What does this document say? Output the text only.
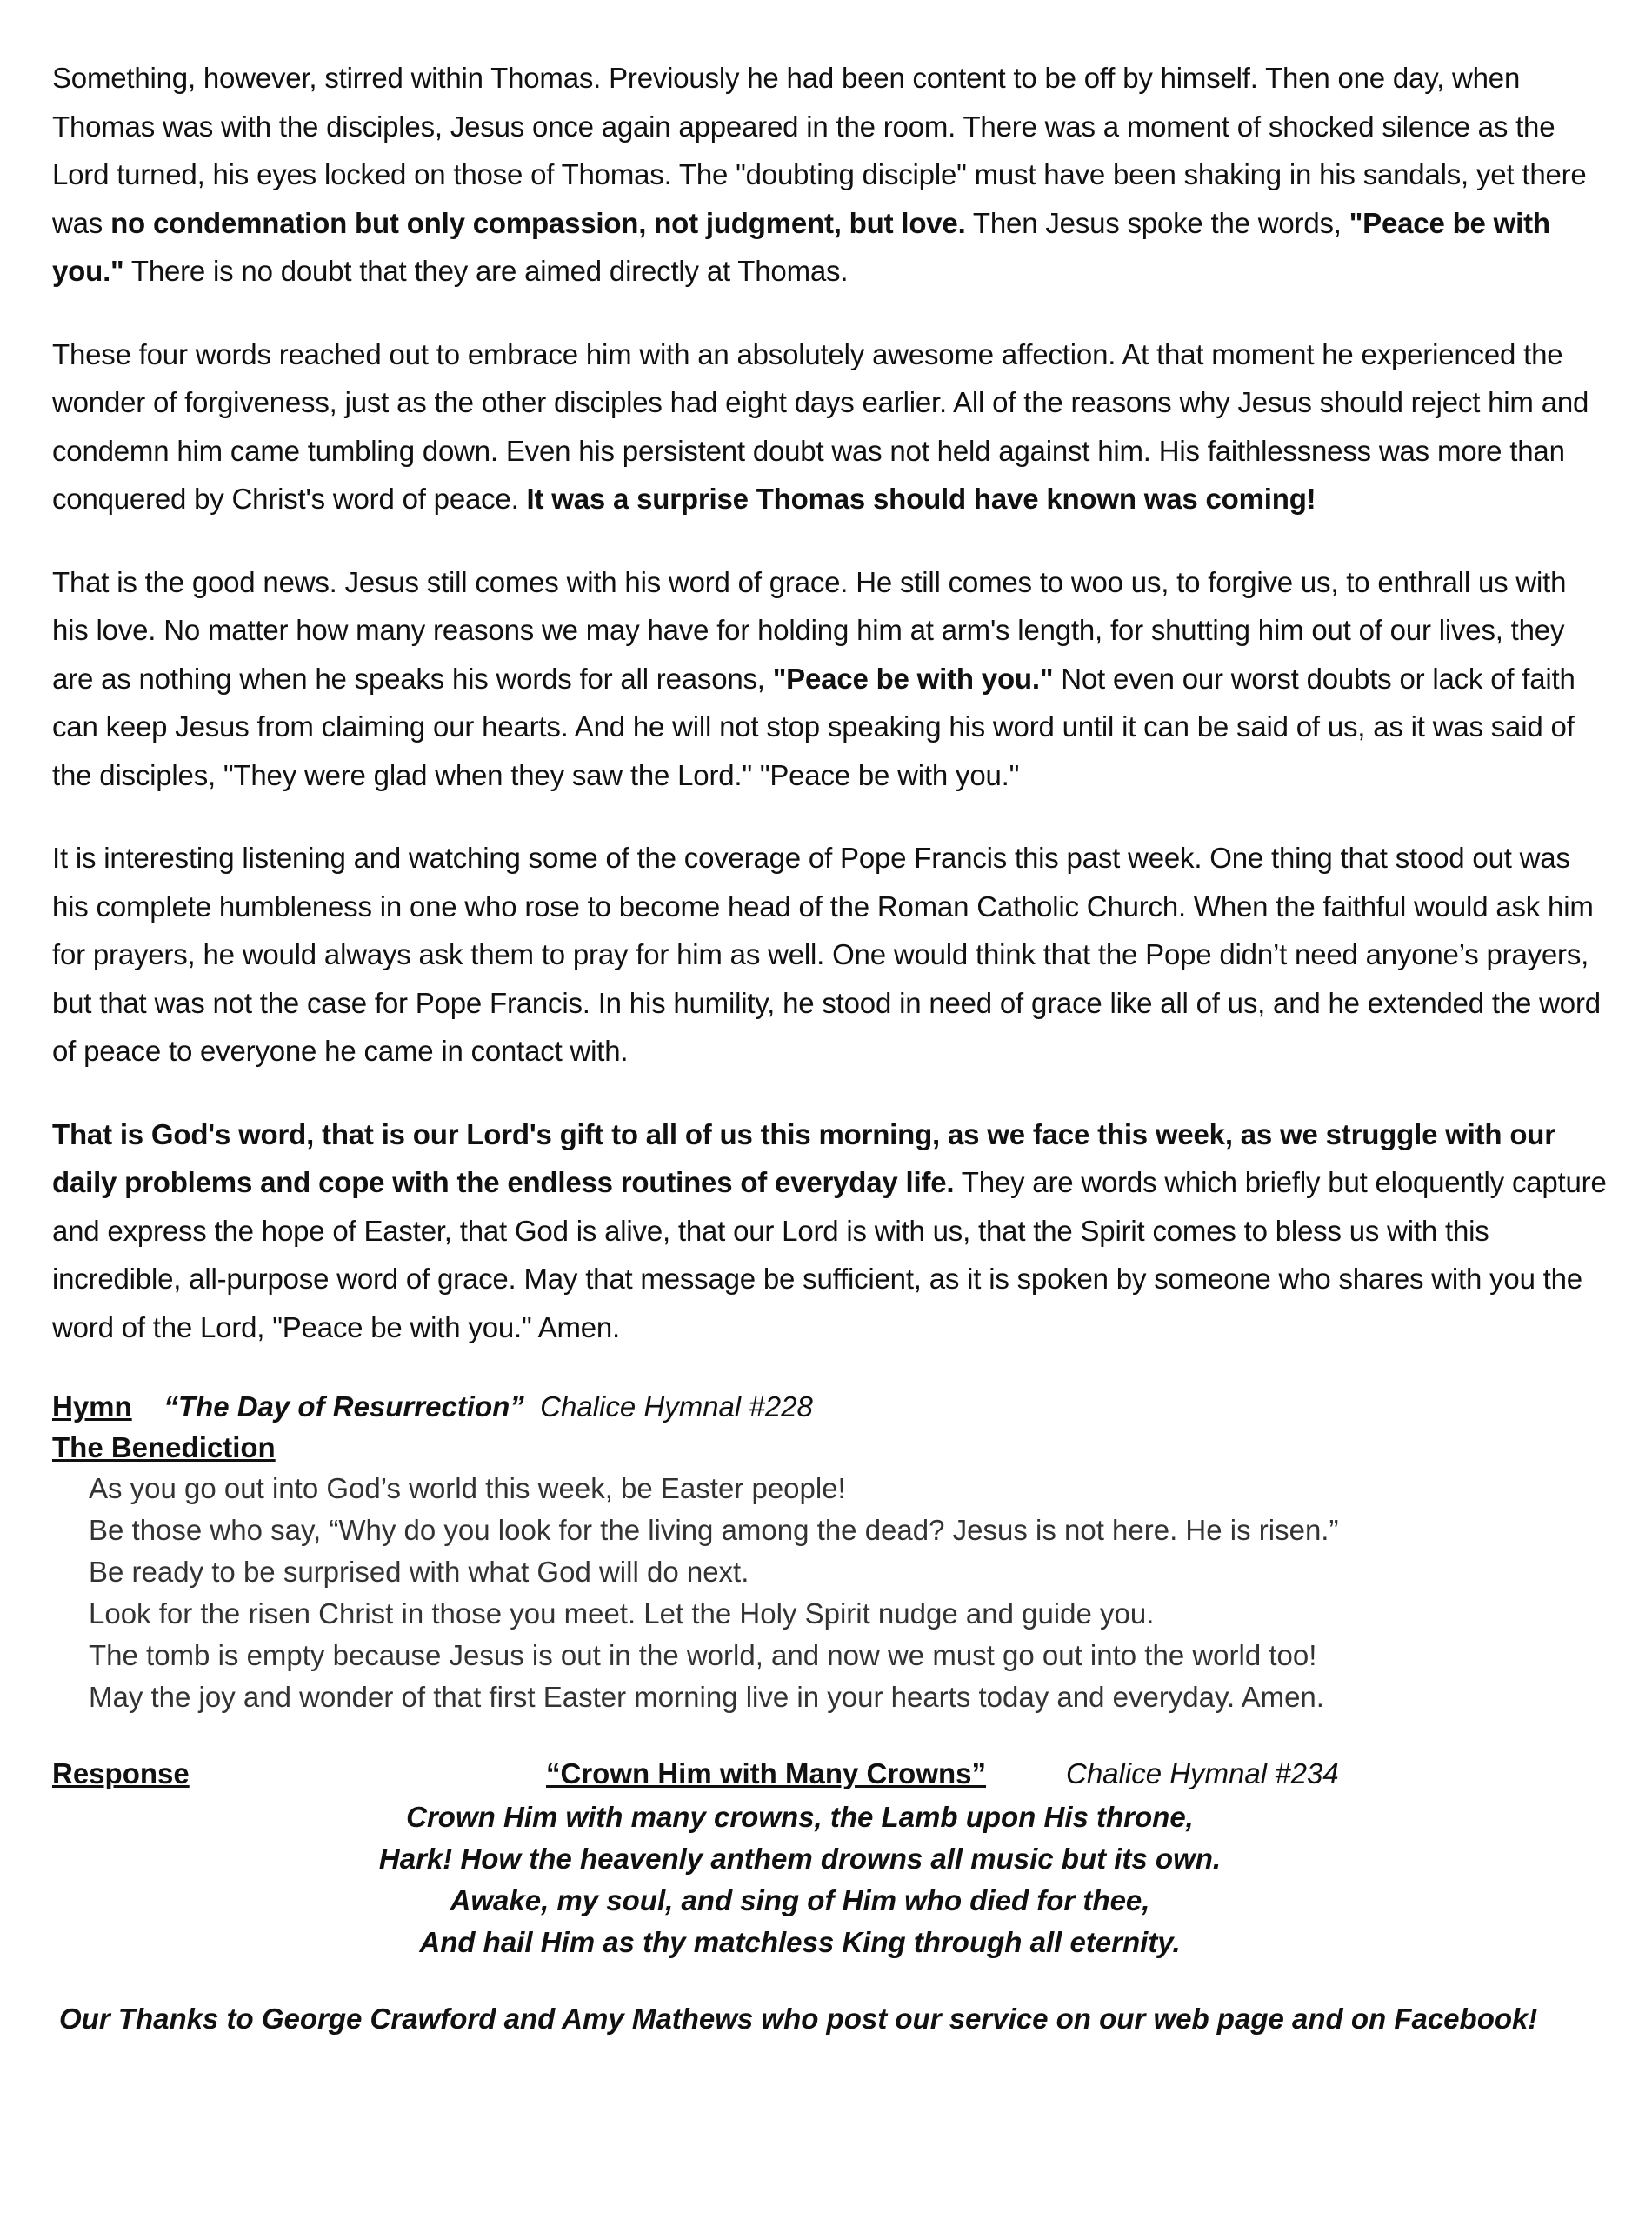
Something, however, stirred within Thomas. Previously he had been content to be off by himself. Then one day, when Thomas was with the disciples, Jesus once again appeared in the room. There was a moment of shocked silence as the Lord turned, his eyes locked on those of Thomas. The "doubting disciple" must have been shaking in his sandals, yet there was no condemnation but only compassion, not judgment, but love. Then Jesus spoke the words, "Peace be with you." There is no doubt that they are aimed directly at Thomas.

These four words reached out to embrace him with an absolutely awesome affection. At that moment he experienced the wonder of forgiveness, just as the other disciples had eight days earlier. All of the reasons why Jesus should reject him and condemn him came tumbling down. Even his persistent doubt was not held against him. His faithlessness was more than conquered by Christ's word of peace. It was a surprise Thomas should have known was coming!

That is the good news. Jesus still comes with his word of grace. He still comes to woo us, to forgive us, to enthrall us with his love. No matter how many reasons we may have for holding him at arm's length, for shutting him out of our lives, they are as nothing when he speaks his words for all reasons, "Peace be with you." Not even our worst doubts or lack of faith can keep Jesus from claiming our hearts. And he will not stop speaking his word until it can be said of us, as it was said of the disciples, "They were glad when they saw the Lord." "Peace be with you."

It is interesting listening and watching some of the coverage of Pope Francis this past week. One thing that stood out was his complete humbleness in one who rose to become head of the Roman Catholic Church. When the faithful would ask him for prayers, he would always ask them to pray for him as well. One would think that the Pope didn’t need anyone’s prayers, but that was not the case for Pope Francis. In his humility, he stood in need of grace like all of us, and he extended the word of peace to everyone he came in contact with.

That is God's word, that is our Lord's gift to all of us this morning, as we face this week, as we struggle with our daily problems and cope with the endless routines of everyday life. They are words which briefly but eloquently capture and express the hope of Easter, that God is alive, that our Lord is with us, that the Spirit comes to bless us with this incredible, all-purpose word of grace. May that message be sufficient, as it is spoken by someone who shares with you the word of the Lord, "Peace be with you." Amen.

Hymn “The Day of Resurrection” Chalice Hymnal #228
The Benediction
As you go out into God’s world this week, be Easter people!
Be those who say, “Why do you look for the living among the dead? Jesus is not here. He is risen.”
Be ready to be surprised with what God will do next.
Look for the risen Christ in those you meet. Let the Holy Spirit nudge and guide you.
The tomb is empty because Jesus is out in the world, and now we must go out into the world too!
May the joy and wonder of that first Easter morning live in your hearts today and everyday. Amen.
Response	“Crown Him with Many Crowns”	Chalice Hymnal #234
Crown Him with many crowns, the Lamb upon His throne,
Hark! How the heavenly anthem drowns all music but its own.
Awake, my soul, and sing of Him who died for thee,
And hail Him as thy matchless King through all eternity.
Our Thanks to George Crawford and Amy Mathews who post our service on our web page and on Facebook!
